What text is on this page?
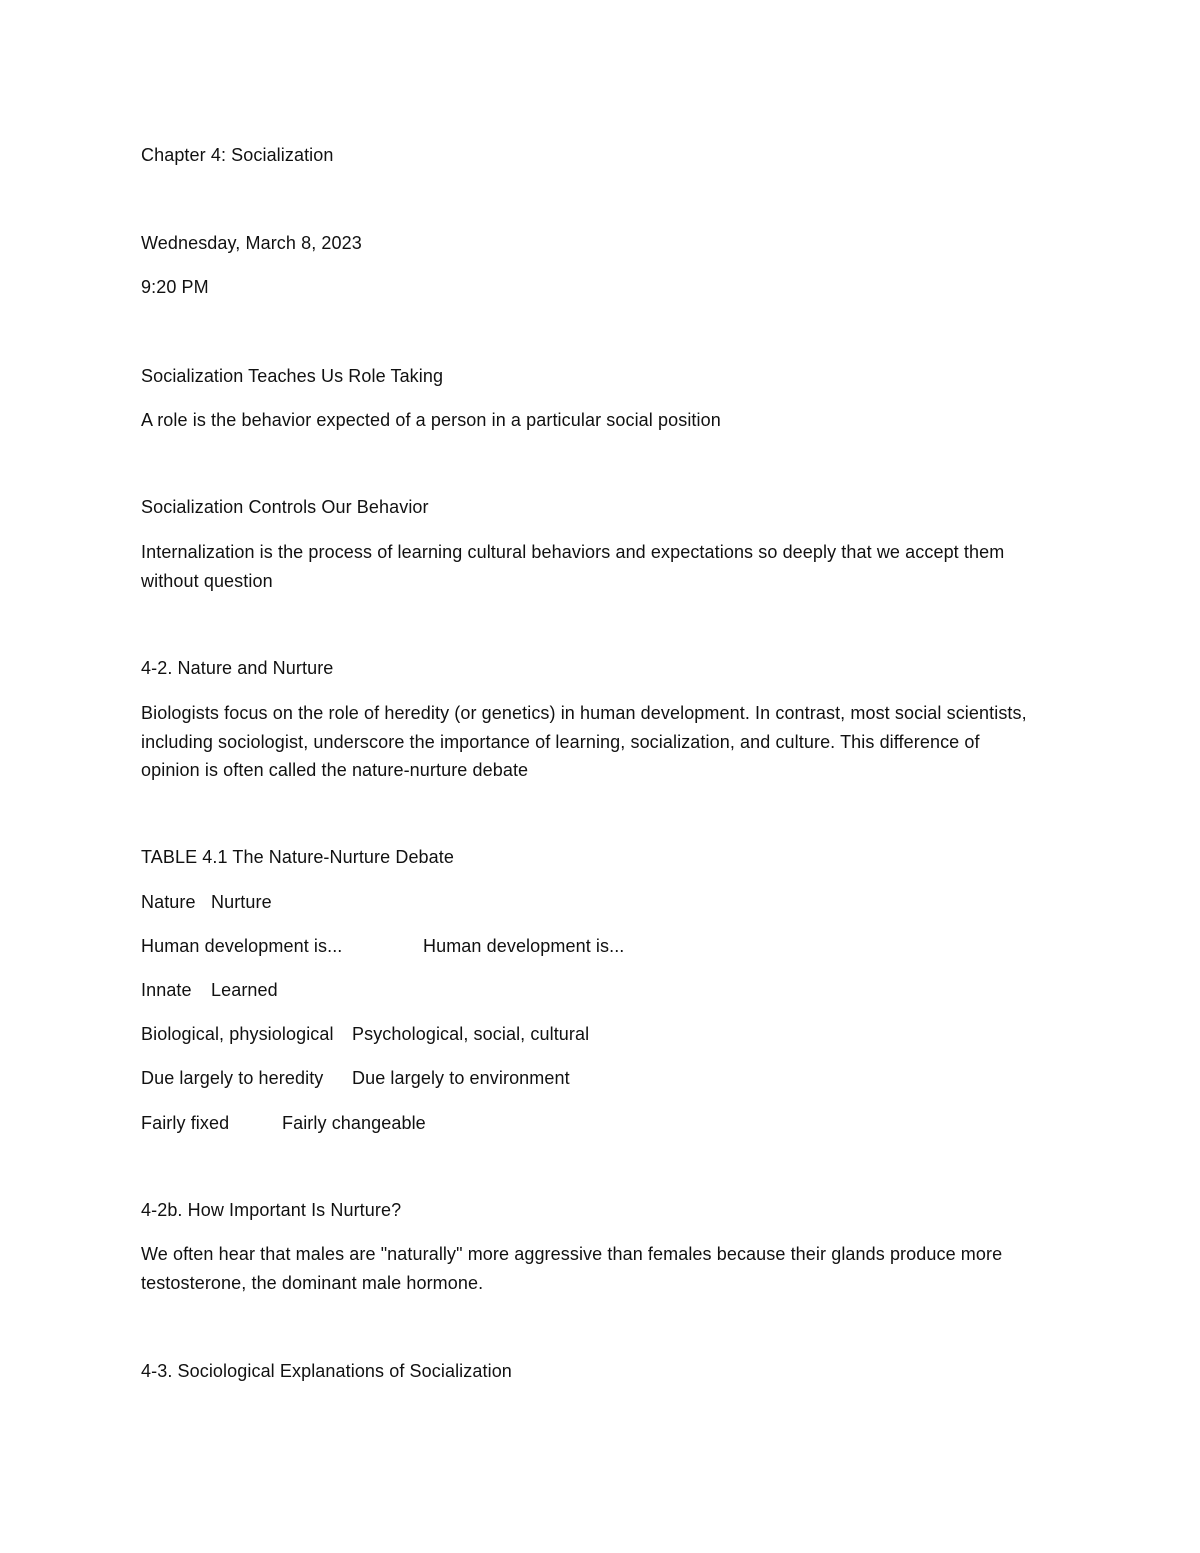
Chapter 4: Socialization
Wednesday, March 8, 2023
9:20 PM
Socialization Teaches Us Role Taking
A role is the behavior expected of a person in a particular social position
Socialization Controls Our Behavior
Internalization is the process of learning cultural behaviors and expectations so deeply that we accept them without question
4-2. Nature and Nurture
Biologists focus on the role of heredity (or genetics) in human development. In contrast, most social scientists, including sociologist, underscore the importance of learning, socialization, and culture. This difference of opinion is often called the nature-nurture debate
TABLE 4.1 The Nature-Nurture Debate
Nature Nurture
Human development is...	Human development is...
Innate Learned
Biological, physiological Psychological, social, cultural
Due largely to heredity Due largely to environment
Fairly fixed	Fairly changeable
4-2b. How Important Is Nurture?
We often hear that males are "naturally" more aggressive than females because their glands produce more testosterone, the dominant male hormone.
4-3. Sociological Explanations of Socialization
